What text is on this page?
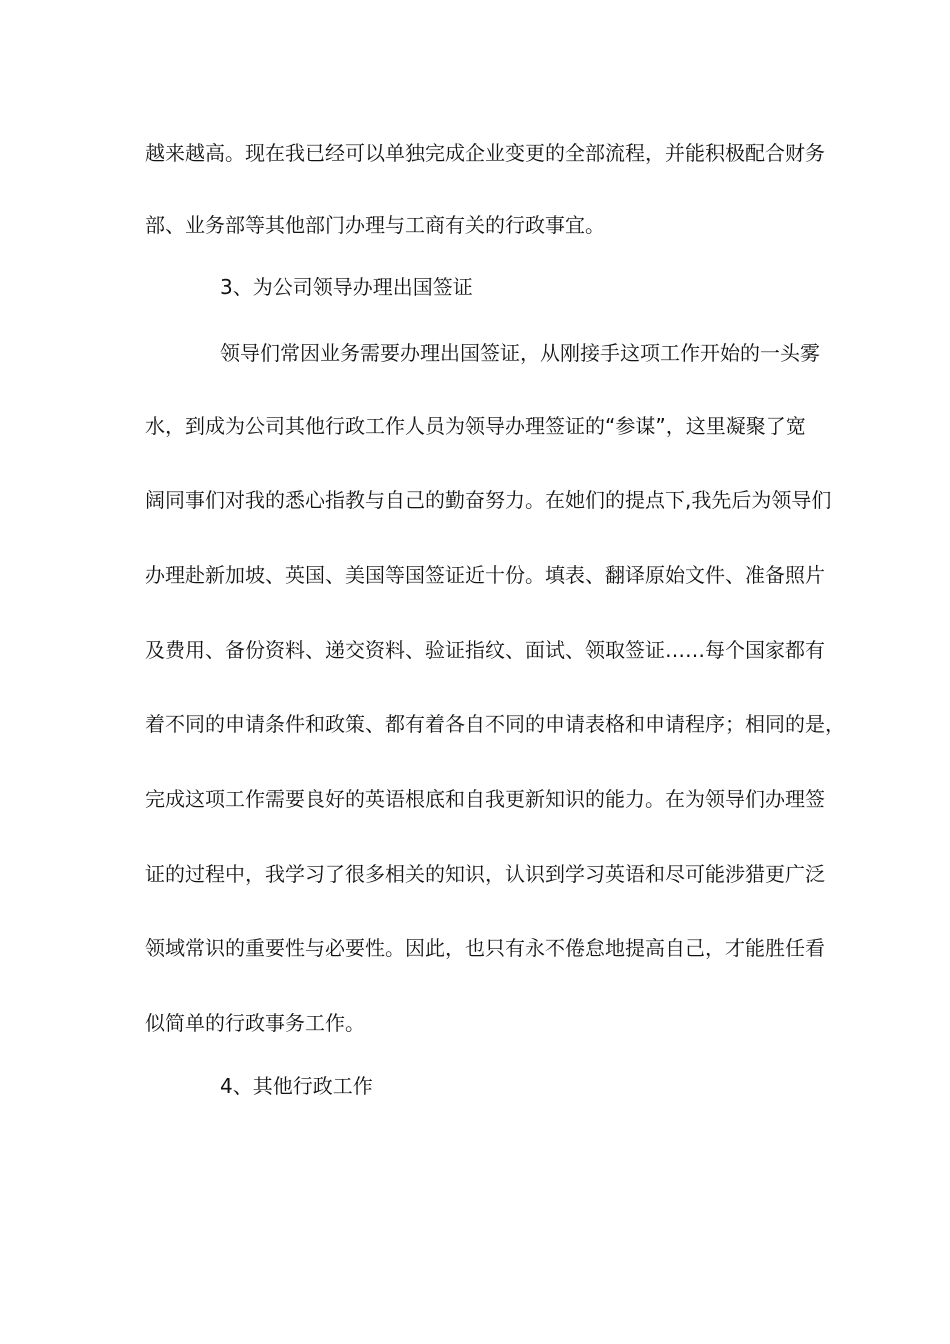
越来越高。现在我已经可以单独完成企业变更的全部流程，并能积极配合财务
部、业务部等其他部门办理与工商有关的行政事宜。
3、为公司领导办理出国签证
领导们常因业务需要办理出国签证，从刚接手这项工作开始的一头雾
水，到成为公司其他行政工作人员为领导办理签证的“参谋”，这里凝聚了宽
阔同事们对我的悉心指教与自己的勤奋努力。在她们的提点下,我先后为领导们
办理赴新加坡、英国、美国等国签证近十份。填表、翻译原始文件、准备照片
及费用、备份资料、递交资料、验证指纹、面试、领取签证……每个国家都有
着不同的申请条件和政策、都有着各自不同的申请表格和申请程序；相同的是，
完成这项工作需要良好的英语根底和自我更新知识的能力。在为领导们办理签
证的过程中，我学习了很多相关的知识，认识到学习英语和尽可能涉猎更广泛
领域常识的重要性与必要性。因此，也只有永不倦怠地提高自己，才能胜任看
似简单的行政事务工作。
4、其他行政工作
